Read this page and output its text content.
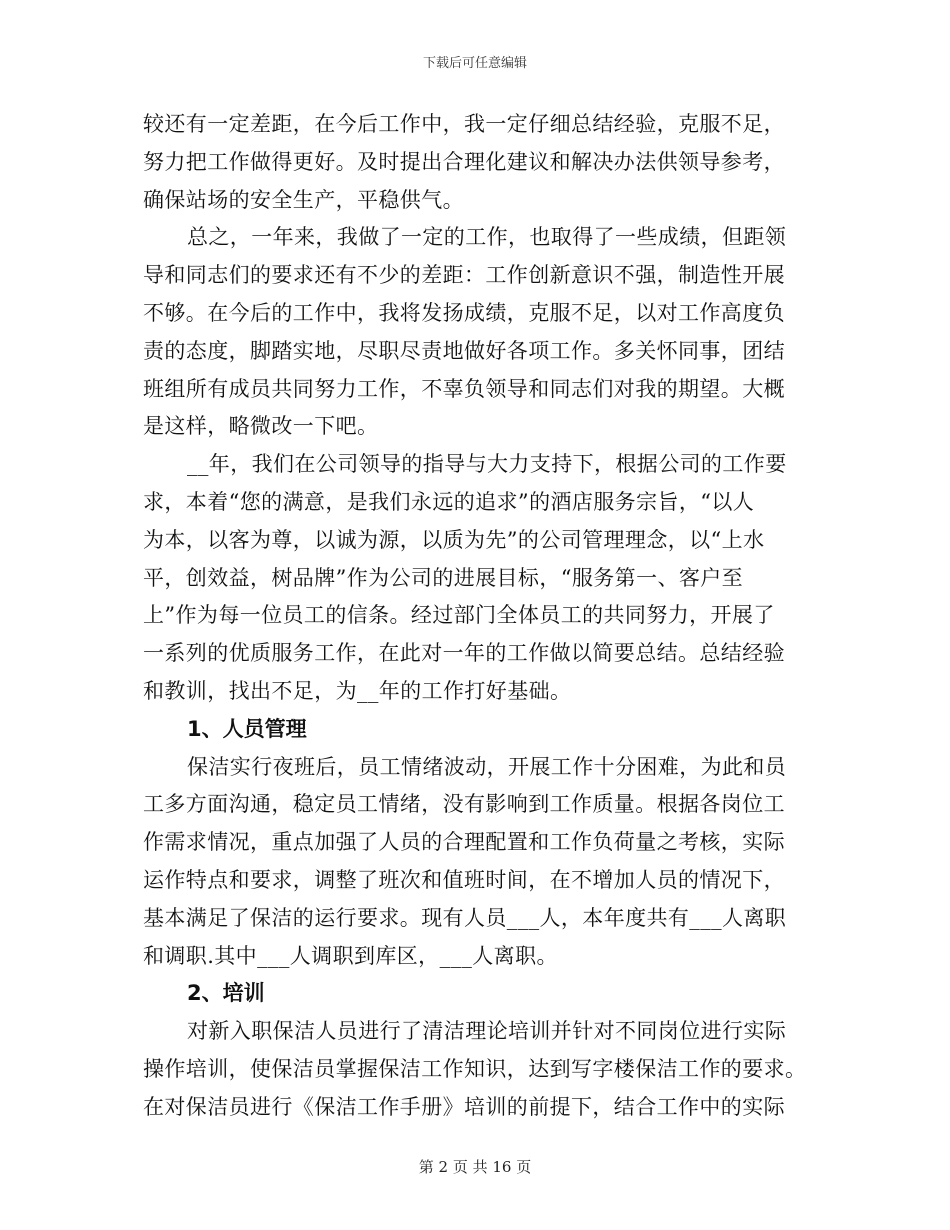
下载后可任意编辑

较还有一定差距，在今后工作中，我一定仔细总结经验，克服不足，
努力把工作做得更好。及时提出合理化建议和解决办法供领导参考，
确保站场的安全生产，平稳供气。

总之，一年来，我做了一定的工作，也取得了一些成绩，但距领
导和同志们的要求还有不少的差距：工作创新意识不强，制造性开展
不够。在今后的工作中，我将发扬成绩，克服不足，以对工作高度负
责的态度，脚踏实地，尽职尽责地做好各项工作。多关怀同事，团结
班组所有成员共同努力工作，不辜负领导和同志们对我的期望。大概
是这样，略微改一下吧。

__年，我们在公司领导的指导与大力支持下，根据公司的工作要
求，本着“您的满意，是我们永远的追求”的酒店服务宗旨，“以人
为本，以客为尊，以诚为源，以质为先”的公司管理理念，以“上水
平，创效益，树品牌”作为公司的进展目标，“服务第一、客户至
上”作为每一位员工的信条。经过部门全体员工的共同努力，开展了
一系列的优质服务工作，在此对一年的工作做以简要总结。总结经验
和教训，找出不足，为__年的工作打好基础。

1、人员管理

保洁实行夜班后，员工情绪波动，开展工作十分困难，为此和员
工多方面沟通，稳定员工情绪，没有影响到工作质量。根据各岗位工
作需求情况，重点加强了人员的合理配置和工作负荷量之考核，实际
运作特点和要求，调整了班次和值班时间，在不增加人员的情况下，
基本满足了保洁的运行要求。现有人员___人，本年度共有___人离职
和调职.其中___人调职到库区，___人离职。

2、培训

对新入职保洁人员进行了清洁理论培训并针对不同岗位进行实际
操作培训，使保洁员掌握保洁工作知识，达到写字楼保洁工作的要求。
在对保洁员进行《保洁工作手册》培训的前提下，结合工作中的实际

第 2 页 共 16 页
